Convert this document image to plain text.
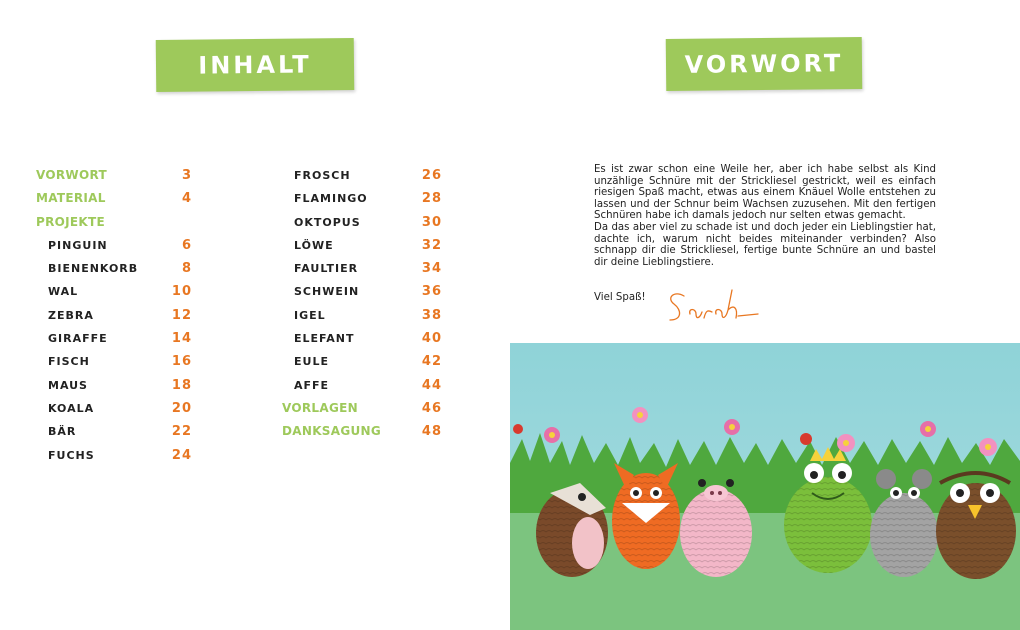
INHALT
VORWORT	3
MATERIAL	4
PROJEKTE
PINGUIN	6
BIENENKORB	8
WAL	10
ZEBRA	12
GIRAFFE	14
FISCH	16
MAUS	18
KOALA	20
BÄR	22
FUCHS	24
FROSCH	26
FLAMINGO	28
OKTOPUS	30
LÖWE	32
FAULTIER	34
SCHWEIN	36
IGEL	38
ELEFANT	40
EULE	42
AFFE	44
VORLAGEN	46
DANKSAGUNG	48
VORWORT

Es ist zwar schon eine Weile her, aber ich habe selbst als Kind unzählige Schnüre mit der Strickliesel gestrickt, weil es einfach riesigen Spaß macht, etwas aus einem Knäuel Wolle entstehen zu lassen und der Schnur beim Wachsen zuzusehen. Mit den fertigen Schnüren habe ich damals jedoch nur selten etwas gemacht.

Da das aber viel zu schade ist und doch jeder ein Lieblingstier hat, dachte ich, warum nicht beides miteinander verbinden? Also schnapp dir die Strickliesel, fertige bunte Schnüre an und bastel dir deine Lieblingstiere.

Viel Spaß!
